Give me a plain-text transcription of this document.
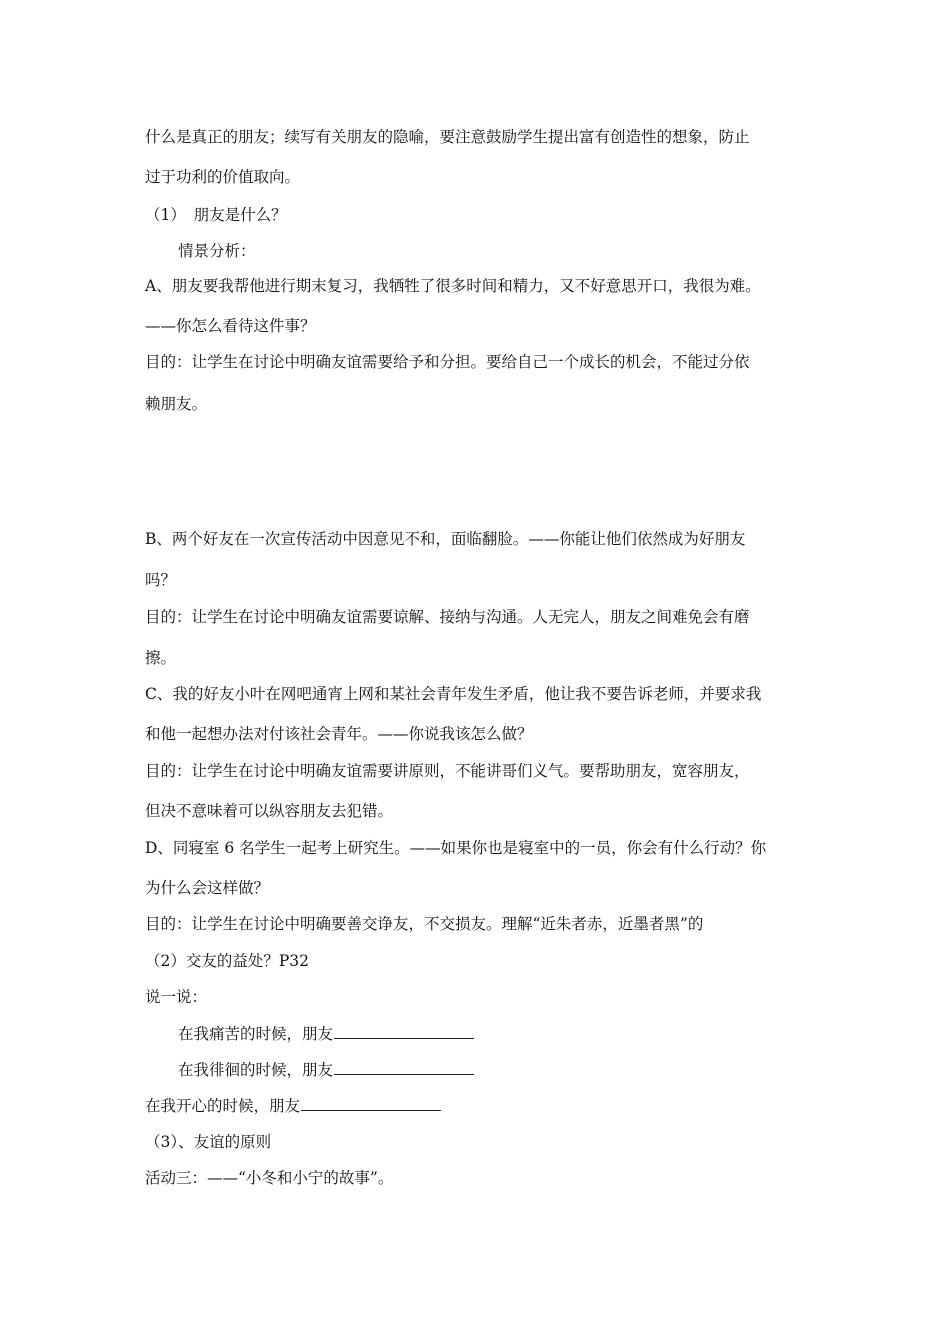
什么是真正的朋友；续写有关朋友的隐喻，要注意鼓励学生提出富有创造性的想象，防止
过于功利的价值取向。
（1）　朋友是什么？
情景分析：
A、朋友要我帮他进行期末复习，我牺牲了很多时间和精力，又不好意思开口，我很为难。
——你怎么看待这件事？
目的：让学生在讨论中明确友谊需要给予和分担。要给自己一个成长的机会，不能过分依
赖朋友。
B、两个好友在一次宣传活动中因意见不和，面临翻脸。——你能让他们依然成为好朋友
吗？
目的：让学生在讨论中明确友谊需要谅解、接纳与沟通。人无完人，朋友之间难免会有磨
擦。
C、我的好友小叶在网吧通宵上网和某社会青年发生矛盾，他让我不要告诉老师，并要求我
和他一起想办法对付该社会青年。——你说我该怎么做？
目的：让学生在讨论中明确友谊需要讲原则，不能讲哥们义气。要帮助朋友，宽容朋友，
但决不意味着可以纵容朋友去犯错。
D、同寝室 6 名学生一起考上研究生。——如果你也是寝室中的一员，你会有什么行动？你
为什么会这样做？
目的：让学生在讨论中明确要善交诤友，不交损友。理解“近朱者赤，近墨者黑”的
（2）交友的益处？P32
说一说：
在我痛苦的时候，朋友
在我徘徊的时候，朋友
在我开心的时候，朋友
（3）、友谊的原则
活动三：——“小冬和小宁的故事”。
